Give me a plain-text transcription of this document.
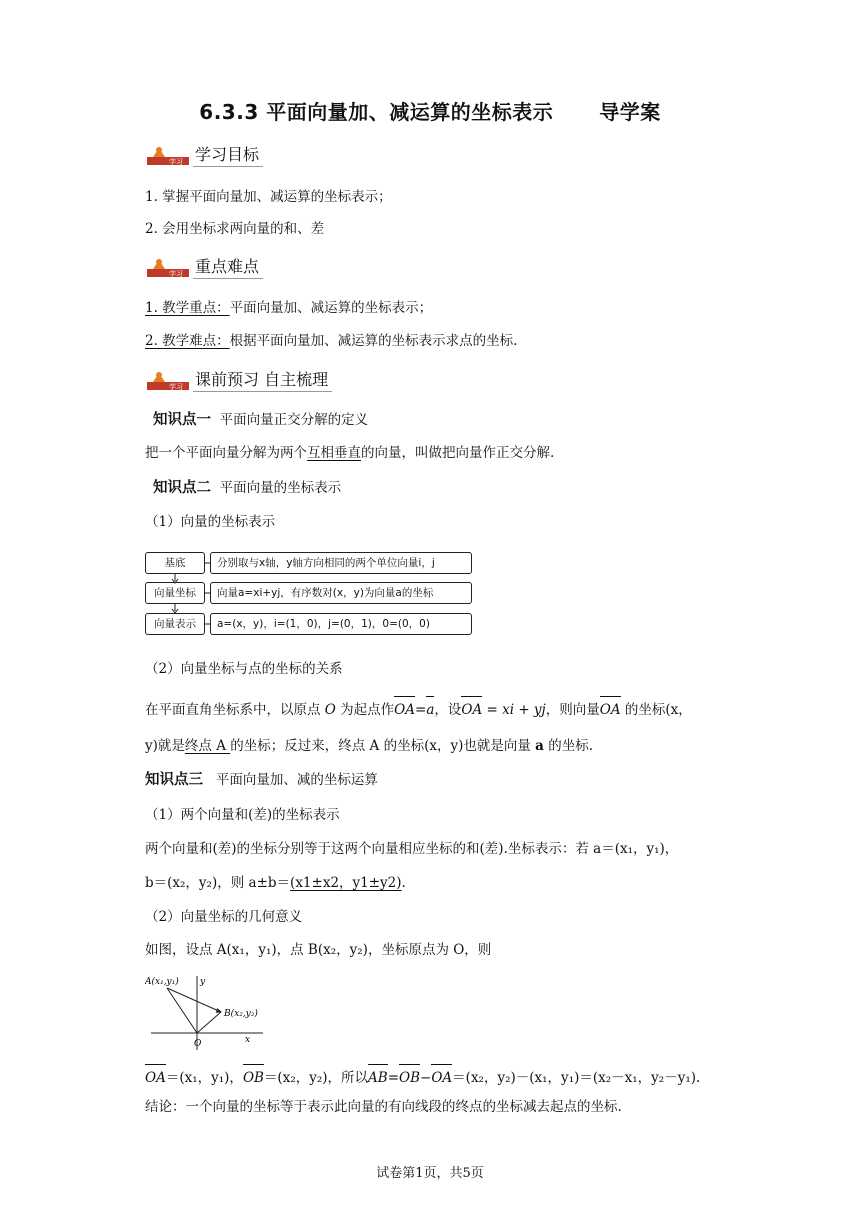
6.3.3 平面向量加、减运算的坐标表示 导学案
学习 学习目标
1. 掌握平面向量加、减运算的坐标表示；
2. 会用坐标求两向量的和、差
学习 重点难点
1. 教学重点：平面向量加、减运算的坐标表示；
2. 教学难点：根据平面向量加、减运算的坐标表示求点的坐标.
学习 课前预习 自主梳理
知识点一 平面向量正交分解的定义
把一个平面向量分解为两个互相垂直的向量，叫做把向量作正交分解.
知识点二 平面向量的坐标表示
（1）向量的坐标表示
基底	分别取与x轴，y轴方向相同的两个单位向量i，j
向量坐标	向量a=xi+yj，有序数对(x，y)为向量a的坐标
向量表示	a=(x，y)，i=(1，0)，j=(0，1)，0=(0，0)
（2）向量坐标与点的坐标的关系
在平面直角坐标系中，以原点 O 为起点作OA=a，设OA = xi + yj，则向量OA 的坐标(x，
y)就是终点 A 的坐标；反过来，终点 A 的坐标(x，y)也就是向量 a 的坐标.
知识点三 平面向量加、减的坐标运算
（1）两个向量和(差)的坐标表示
两个向量和(差)的坐标分别等于这两个向量相应坐标的和(差).坐标表示：若 a＝(x₁，y₁)，
b＝(x₂，y₂)，则 a±b＝(x1±x2，y1±y2).
（2）向量坐标的几何意义
如图，设点 A(x₁，y₁)，点 B(x₂，y₂)，坐标原点为 O，则
A(x₁,y₁) y
B(x₂,y₂)
O	x
OA＝(x₁，y₁)，OB＝(x₂，y₂)，所以AB=OB−OA＝(x₂，y₂)－(x₁，y₁)＝(x₂－x₁，y₂－y₁).
结论：一个向量的坐标等于表示此向量的有向线段的终点的坐标减去起点的坐标.
试卷第1页，共5页
